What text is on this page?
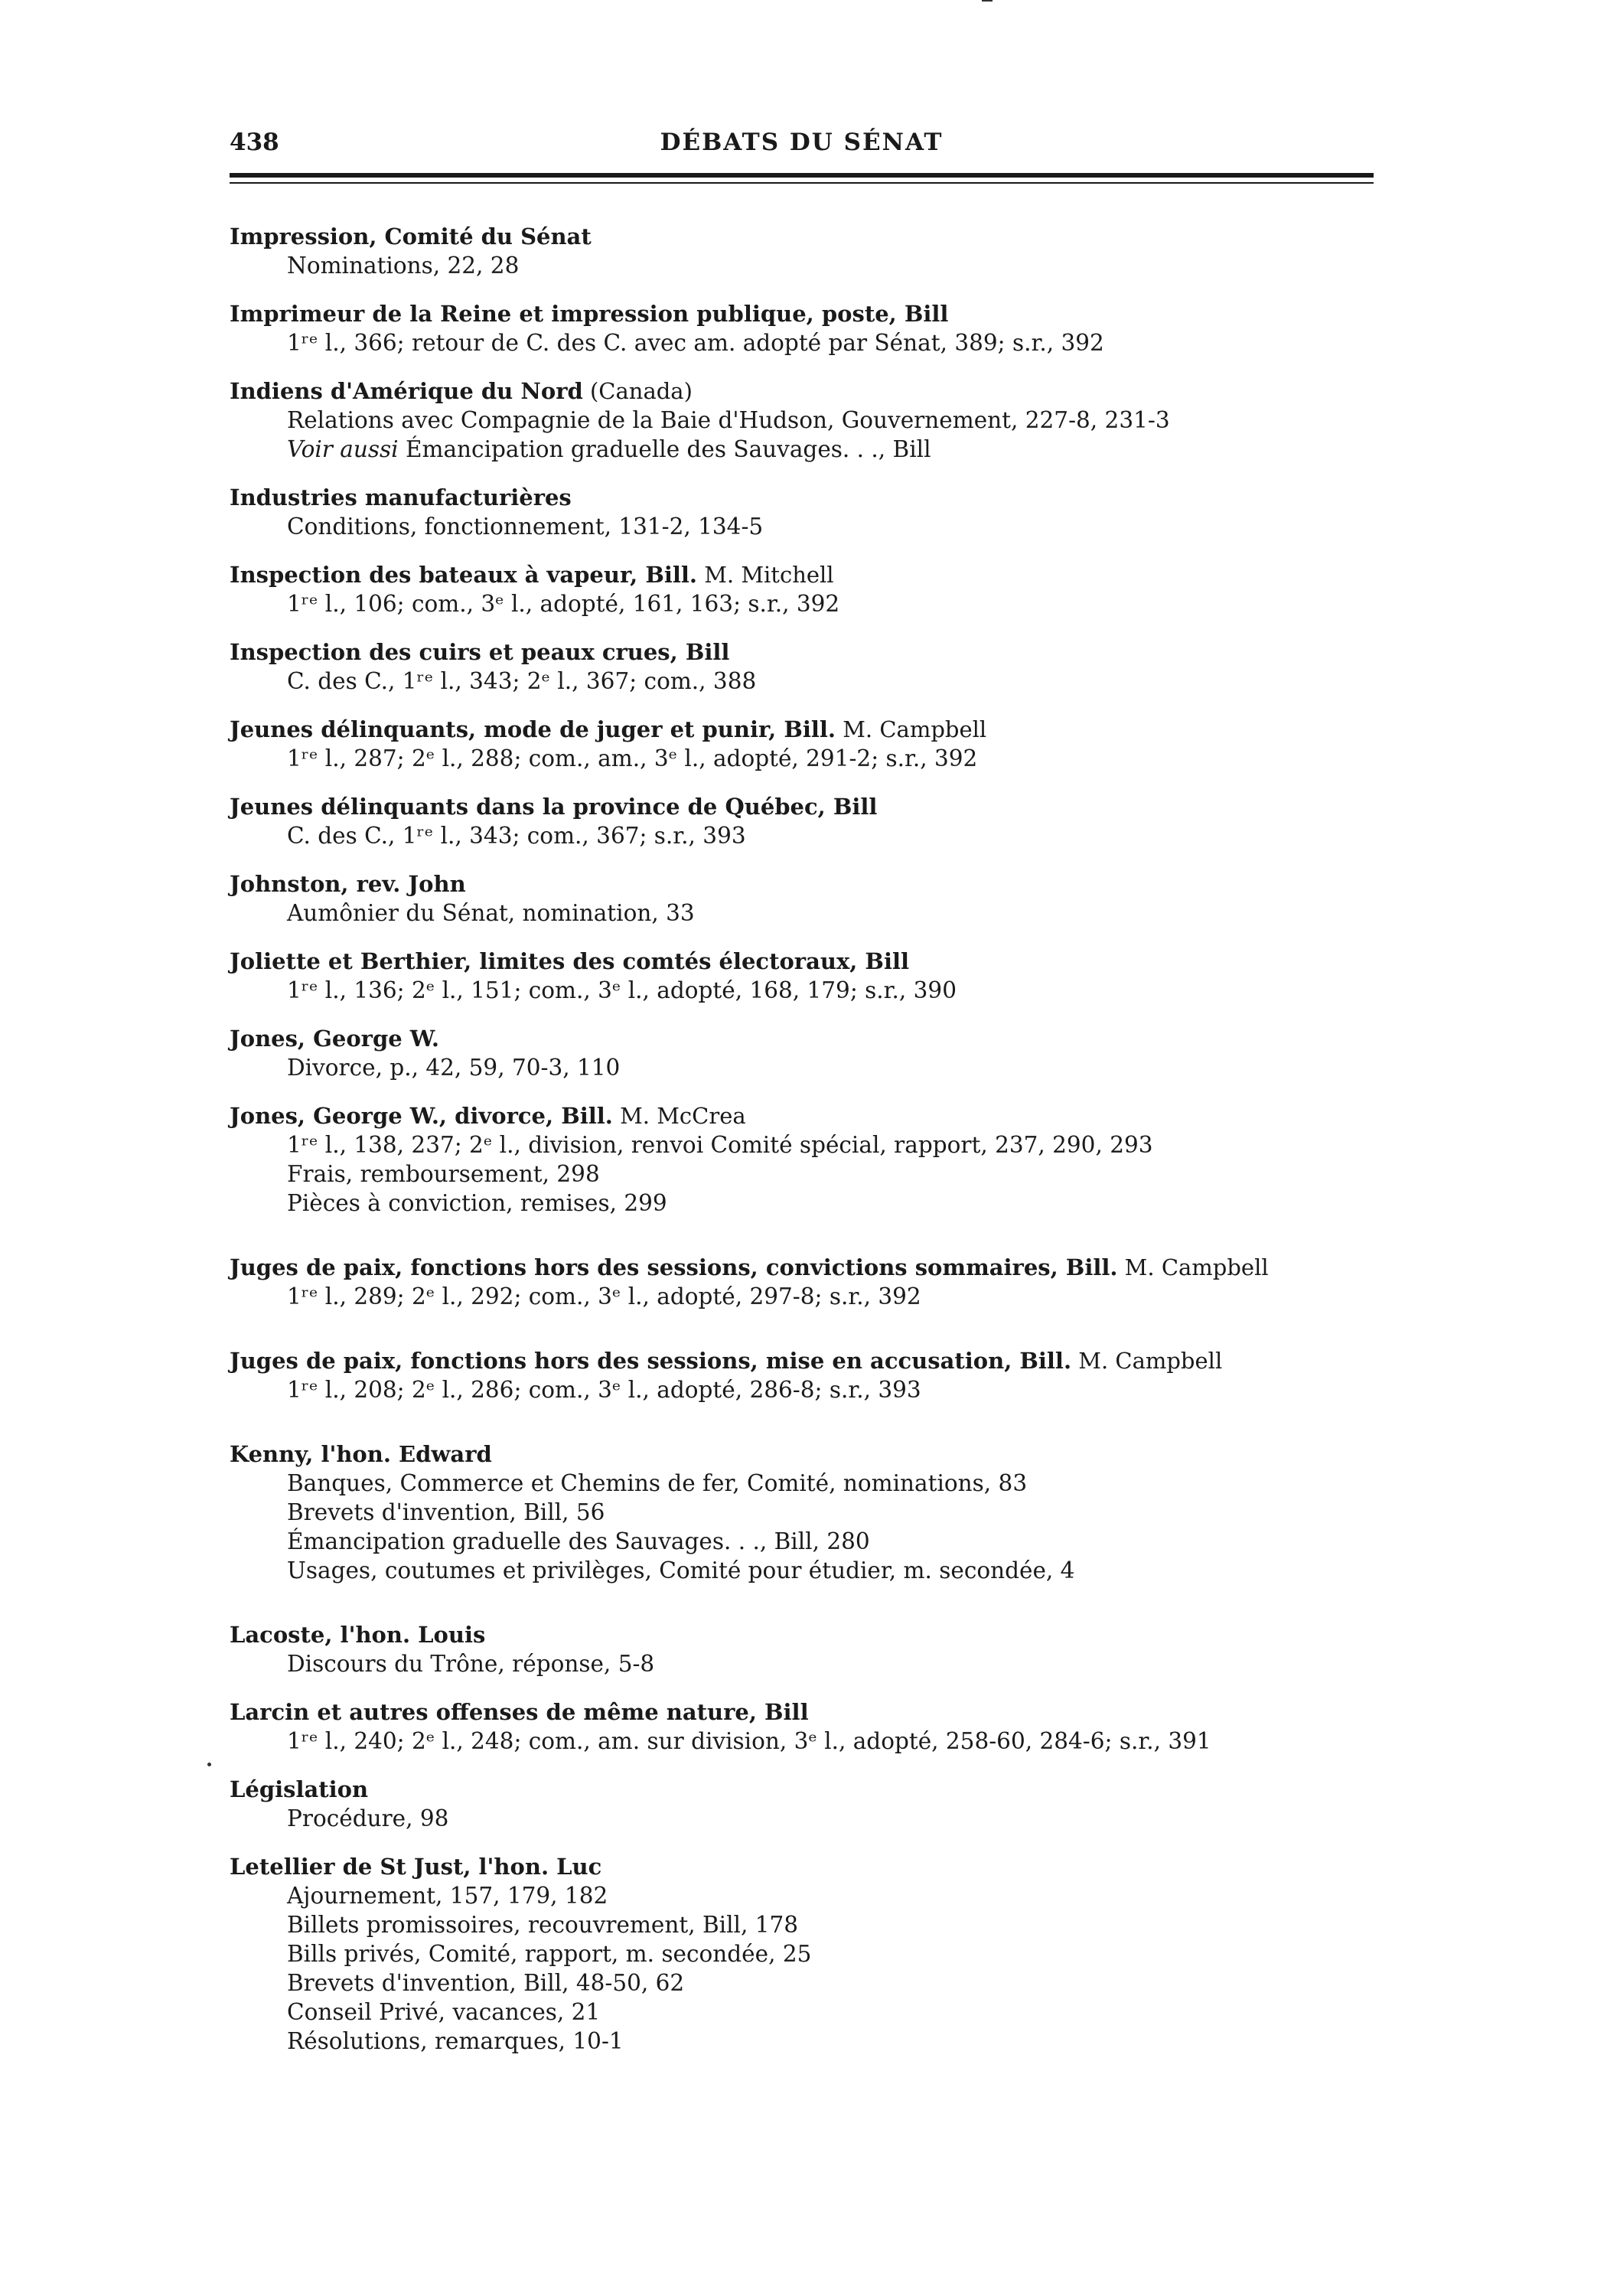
DÉBATS DU SÉNAT
438
Impression, Comité du Sénat
Nominations, 22, 28
Imprimeur de la Reine et impression publique, poste, Bill
1ʳᵉ l., 366; retour de C. des C. avec am. adopté par Sénat, 389; s.r., 392
Indiens d'Amérique du Nord (Canada)
Relations avec Compagnie de la Baie d'Hudson, Gouvernement, 227-8, 231-3
Voir aussi Émancipation graduelle des Sauvages. . ., Bill
Industries manufacturières
Conditions, fonctionnement, 131-2, 134-5
Inspection des bateaux à vapeur, Bill. M. Mitchell
1ʳᵉ l., 106; com., 3ᵉ l., adopté, 161, 163; s.r., 392
Inspection des cuirs et peaux crues, Bill
C. des C., 1ʳᵉ l., 343; 2ᵉ l., 367; com., 388
Jeunes délinquants, mode de juger et punir, Bill. M. Campbell
1ʳᵉ l., 287; 2ᵉ l., 288; com., am., 3ᵉ l., adopté, 291-2; s.r., 392
Jeunes délinquants dans la province de Québec, Bill
C. des C., 1ʳᵉ l., 343; com., 367; s.r., 393
Johnston, rev. John
Aumônier du Sénat, nomination, 33
Joliette et Berthier, limites des comtés électoraux, Bill
1ʳᵉ l., 136; 2ᵉ l., 151; com., 3ᵉ l., adopté, 168, 179; s.r., 390
Jones, George W.
Divorce, p., 42, 59, 70-3, 110
Jones, George W., divorce, Bill. M. McCrea
1ʳᵉ l., 138, 237; 2ᵉ l., division, renvoi Comité spécial, rapport, 237, 290, 293
Frais, remboursement, 298
Pièces à conviction, remises, 299
Juges de paix, fonctions hors des sessions, convictions sommaires, Bill. M. Campbell
1ʳᵉ l., 289; 2ᵉ l., 292; com., 3ᵉ l., adopté, 297-8; s.r., 392
Juges de paix, fonctions hors des sessions, mise en accusation, Bill. M. Campbell
1ʳᵉ l., 208; 2ᵉ l., 286; com., 3ᵉ l., adopté, 286-8; s.r., 393
Kenny, l'hon. Edward
Banques, Commerce et Chemins de fer, Comité, nominations, 83
Brevets d'invention, Bill, 56
Émancipation graduelle des Sauvages. . ., Bill, 280
Usages, coutumes et privilèges, Comité pour étudier, m. secondée, 4
Lacoste, l'hon. Louis
Discours du Trône, réponse, 5-8
Larcin et autres offenses de même nature, Bill
1ʳᵉ l., 240; 2ᵉ l., 248; com., am. sur division, 3ᵉ l., adopté, 258-60, 284-6; s.r., 391
Législation
Procédure, 98
Letellier de St Just, l'hon. Luc
Ajournement, 157, 179, 182
Billets promissoires, recouvrement, Bill, 178
Bills privés, Comité, rapport, m. secondée, 25
Brevets d'invention, Bill, 48-50, 62
Conseil Privé, vacances, 21
Résolutions, remarques, 10-1
